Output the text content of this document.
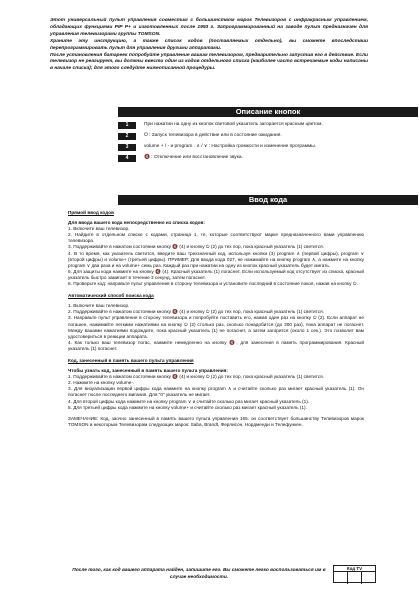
Этот универсальный пульт управления совместим с большинством марок Телевизоров с инфракрасным управлением, обладающих функциями PIP P+ и изготовленных после 1993 г. Запрограммированный на заводе пульт предназначен для управления телевизорами группы TOMSON.

Храните эту инструкцию, а также список кодов (поставляемых отдельно), вы сможете впоследствии перепрограммировать пульт для управления другими аппаратами.

После установления батареек попробуйте управление вашим телевизором, предварительно запустив его в действие. Если телевизор не реагирует, вы должны ввести один из кодов отдельного списка (наиболее часто встречаемые коды написаны в начале списка); для этого следуйте нижеописанной процедуры.

Описание кнопок
1	При нажатии на одну из кнопок световой указатель загорается красным цветом.
2	⏻ : Запуск телевизора в действие или в состояние ожидания.
3	volume + / - и program . ∧ / ∨ : Настройка громкости и изменение программы.
4	🔇 : Отключение или восстановление звука.
Ввод кода
Прямой ввод кодов
Для ввода вашего кода непосредственно из списка кодов:
1. Включите ваш телевизор.
2. Найдите в отдельном списке с кодами, страница 1, те, которые соответствуют марке предназначенного вами управлению телевизора.
3. Поддерживайте в нажатом состоянии кнопку 🔇 (4) и кнопку ⏻ (2) до тех пор, пока красный указатель (1) светится.
4. В то время, как указатель светится, введите ваш трехзначный код, используя кнопки (3) program ∧ (первой цифры), program ∨ (второй цифры) и volume+ (третьей цифры). ПРИМЕР: Для ввода кода 027, не нажимайте на кнопку program ∧, а нажмите на кнопку program ∨ два раза и на volume+ семь раз. Каждый раз при нажатии на одну из кнопок красный указатель будет мигать.
5. Для защиты кода нажмите на кнопку 🔇 (4). Красный указатель (1) погаснет. Если используемый код отсутствует из списка, красный указатель быстро замигает в течение 3 секунд, затем погаснет.
6. Проверьте код: направьте пульт управления в сторону телевизора и установите последний в состояние покоя, нажав на кнопку ⏻.
Автоматический способ поиска кода
1. Включите ваш телевизор.
2. Поддерживайте в нажатом состоянии кнопку 🔇 (4) и кнопку ⏻ (2) до тех пор, пока красный указатель (1) светится.
3. Направьте пульт управления в сторону телевизора и попробуйте поставить его, нажав один раз на кнопку ⏻ (2). Если аппарат не погашен, нажимайте легкими нажатиями на кнопку ⏻ (2) столько раз, сколько понадобится (до 300 раз), пока аппарат не погаснет. Между вашими нажатиями подождите, пока красный указатель (1) не погаснет, а затем загорится (около 1 сек.). Это позволит вам удостовериться в реакции аппарата.
4. Как только ваш телевизор погас, нажмите немедленно на кнопку 🔇, для занесения в память программирования. Красный указатель (1) погаснет.
Код, занесенный в память вашего пульта управления
Чтобы узнать код, занесенный в память вашего пульта управления:
1. Поддерживайте в нажатом состоянии кнопку 🔇 (4) и кнопку ⏻ (2) до тех пор, пока красный указатель (1) светится.
2. Нажмите на кнопку volume-.
3. Для визуализации первой цифры кода нажмите на кнопку program ∧ и считайте сколько раз мигает красный указатель (1). Он погаснет после последнего мигания. Для "0" указатель не мигает.
4. Для второй цифры кода нажмите на кнопку program ∨ и считайте сколько раз мигает красный указатель (1).
5. Для третьей цифры кода нажмите на кнопку volume+ и считайте сколько раз мигает красный указатель (1).
ЗАМЕЧАНИЕ: Код, заочно занесенный в память вашего пульта управления 165. он соответствует большинству Телевизоров марок TOMSON и некоторым Телевизорам следующих марок: Saba, Brandt, Ферлисон, Нордменди и Телефункен.
После того, как код вашего аппарата найден, запишите его. Вы сможете легко воспользоваться им в случае необходимости.
Код ТV
